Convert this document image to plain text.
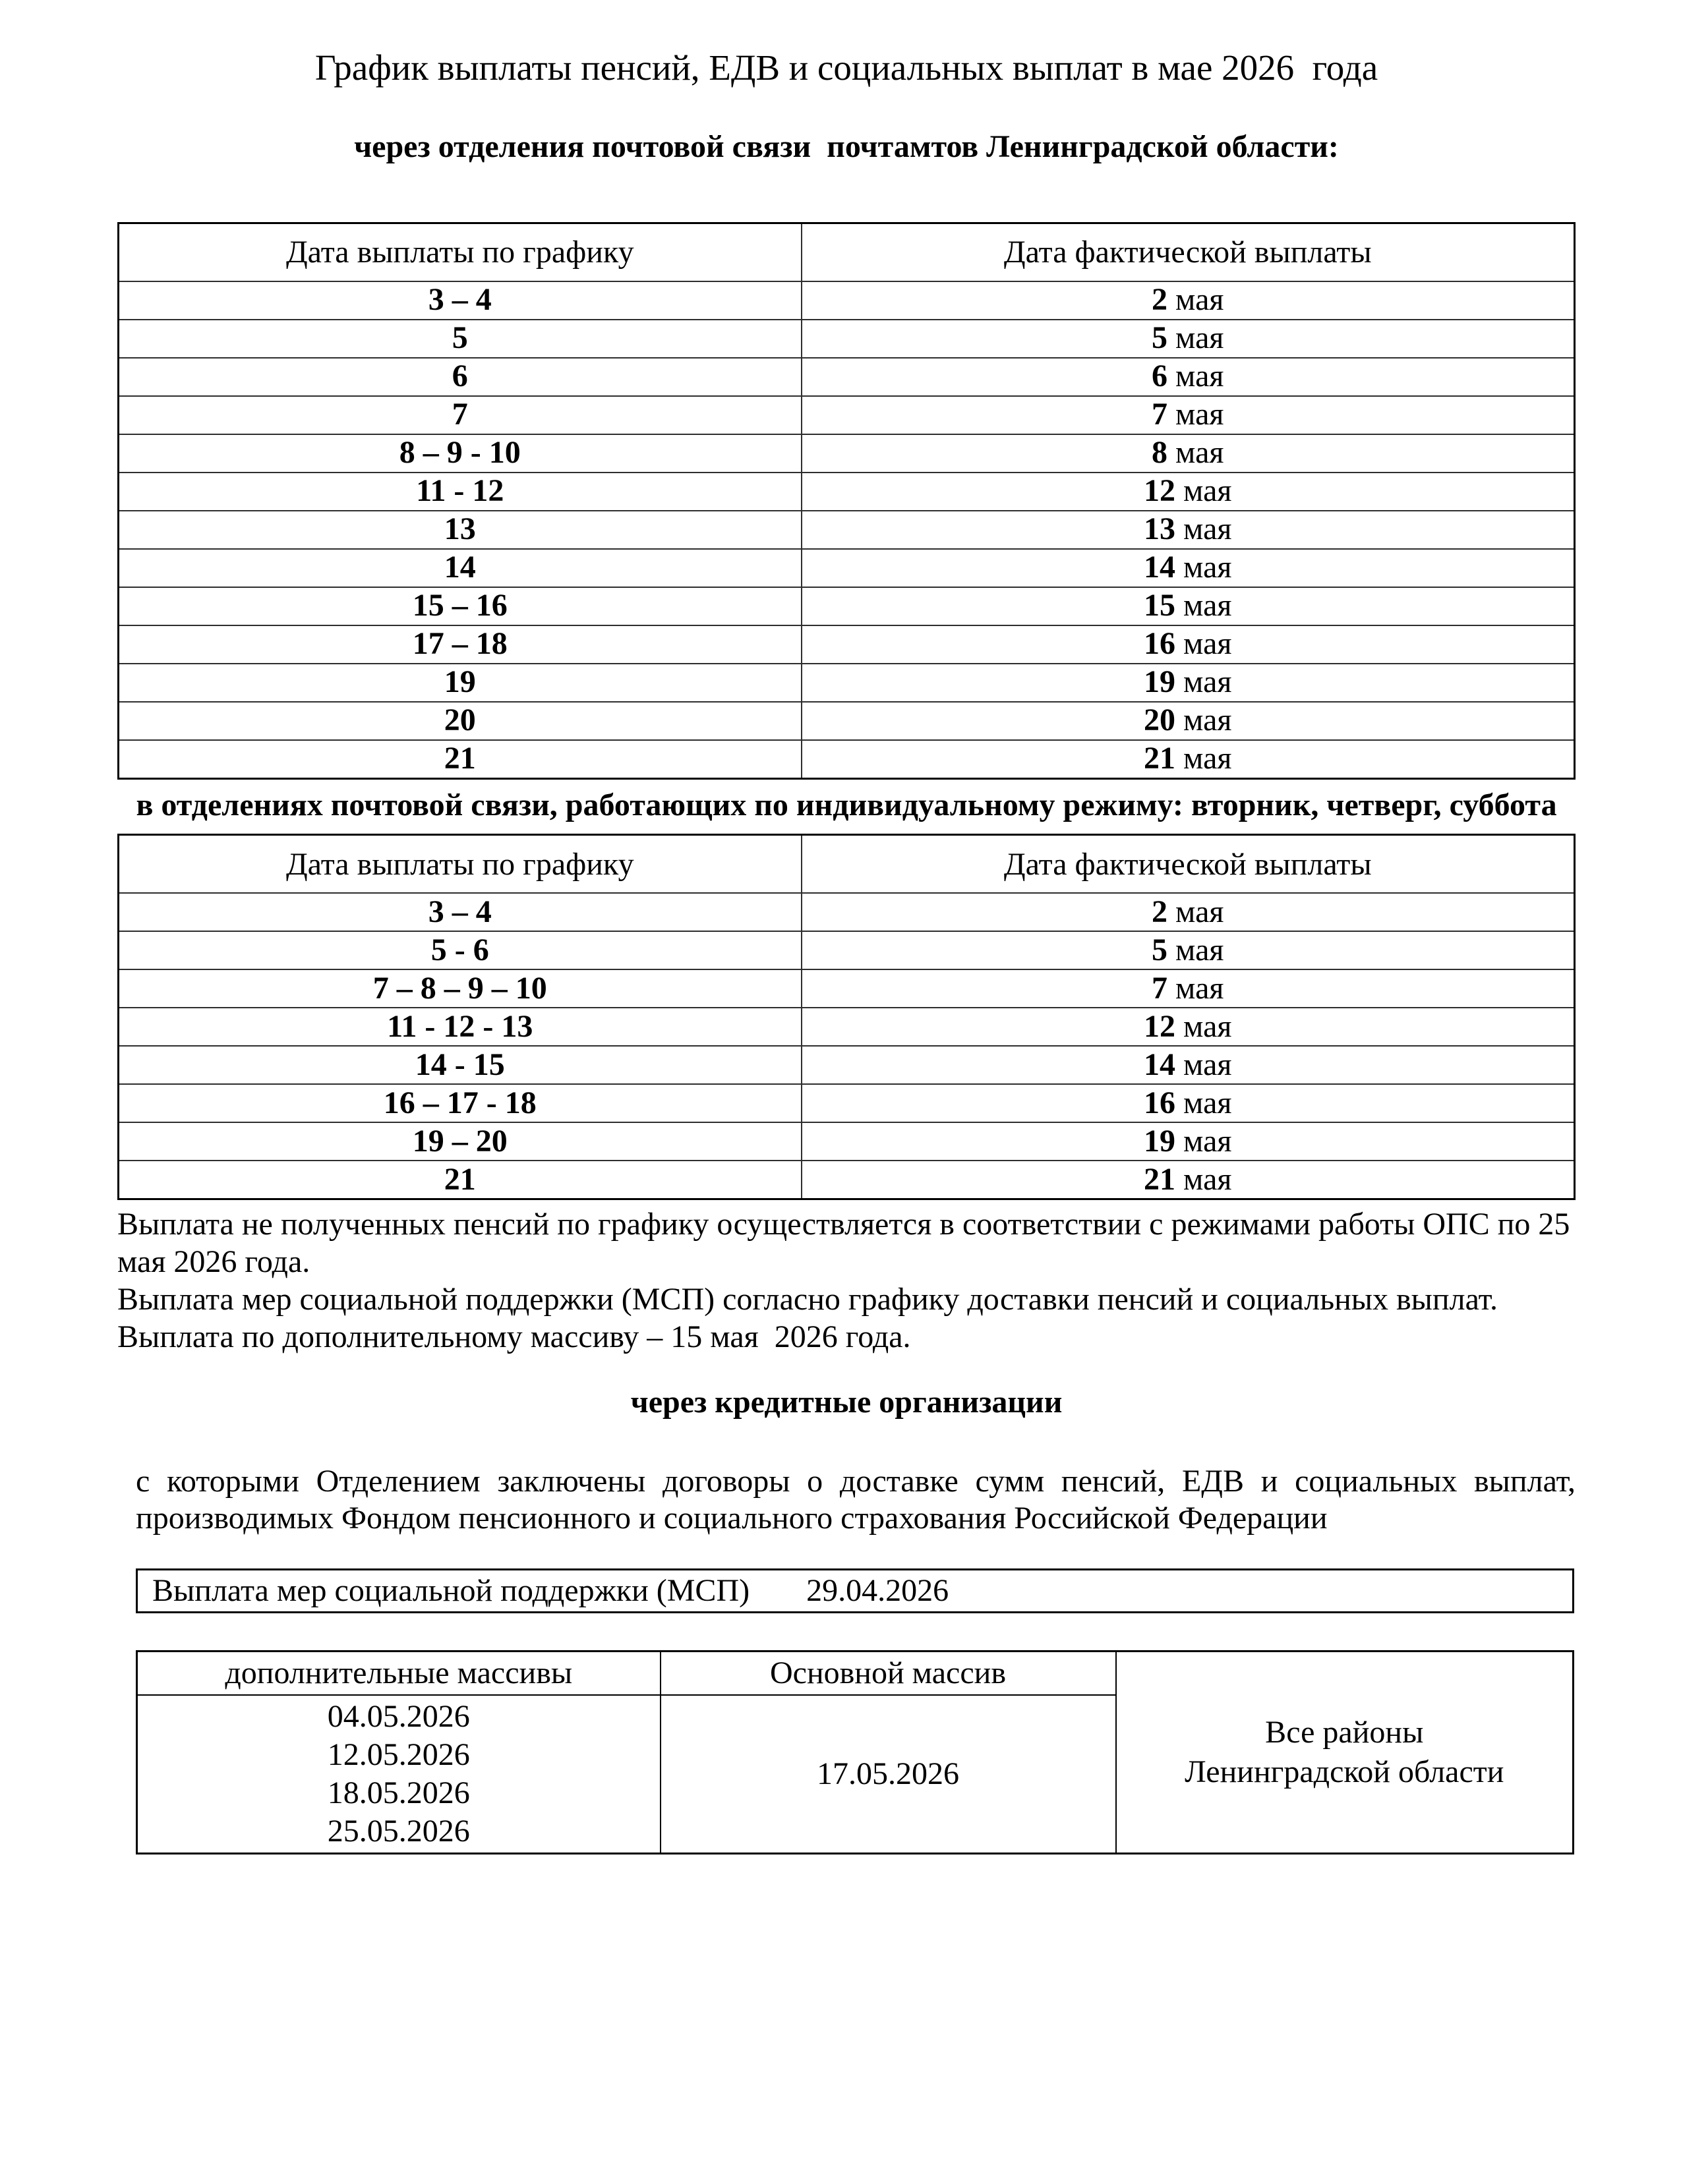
График выплаты пенсий, ЕДВ и социальных выплат в мае 2026  года
через отделения почтовой связи  почтамтов Ленинградской области:
Дата выплаты по графику	Дата фактической выплаты
3 – 4	2 мая
5	5 мая
6	6 мая
7	7 мая
8 – 9 - 10	8 мая
11 - 12	12 мая
13	13 мая
14	14 мая
15 – 16	15 мая
17 – 18	16 мая
19	19 мая
20	20 мая
21	21 мая
в отделениях почтовой связи, работающих по индивидуальному режиму: вторник, четверг, суббота
Дата выплаты по графику	Дата фактической выплаты
3 – 4	2 мая
5 - 6	5 мая
7 – 8 – 9 – 10	7 мая
11 - 12 - 13	12 мая
14 - 15	14 мая
16 – 17 - 18	16 мая
19 – 20	19 мая
21	21 мая

Выплата не полученных пенсий по графику осуществляется в соответствии с режимами работы ОПС по 25 мая 2026 года.

Выплата мер социальной поддержки (МСП) согласно графику доставки пенсий и социальных выплат.

Выплата по дополнительному массиву – 15 мая  2026 года.

через кредитные организации

с которыми Отделением заключены договоры о доставке сумм пенсий, ЕДВ и социальных выплат, производимых Фондом пенсионного и социального страхования Российской Федерации

Выплата мер социальной поддержки (МСП) 29.04.2026
дополнительные массивы	Основной массив	Все районы Ленинградской области

04.05.2026
12.05.2026
18.05.2026
25.05.2026	17.05.2026	
